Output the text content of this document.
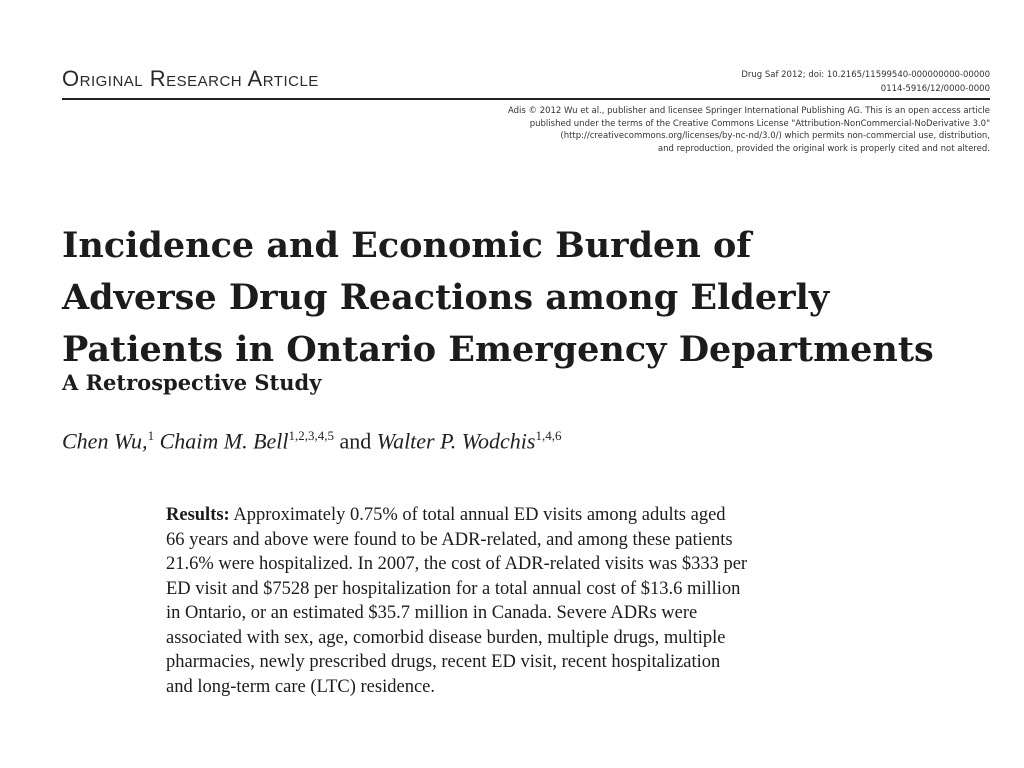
Original Research Article	Drug Saf 2012; doi: 10.2165/11599540-000000000-00000
0114-5916/12/0000-0000
Adis © 2012 Wu et al., publisher and licensee Springer International Publishing AG. This is an open access article
published under the terms of the Creative Commons License "Attribution-NonCommercial-NoDerivative 3.0"
(http://creativecommons.org/licenses/by-nc-nd/3.0/) which permits non-commercial use, distribution,
and reproduction, provided the original work is properly cited and not altered.
Incidence and Economic Burden of
Adverse Drug Reactions among Elderly
Patients in Ontario Emergency Departments
A Retrospective Study
Chen Wu,$^1$ Chaim M. Bell$^{1,2,3,4,5}$ and Walter P. Wodchis$^{1,4,6}$
Results: Approximately 0.75% of total annual ED visits among adults aged
66 years and above were found to be ADR-related, and among these patients
21.6% were hospitalized. In 2007, the cost of ADR-related visits was $333 per
ED visit and $7528 per hospitalization for a total annual cost of $13.6 million
in Ontario, or an estimated $35.7 million in Canada. Severe ADRs were
associated with sex, age, comorbid disease burden, multiple drugs, multiple
pharmacies, newly prescribed drugs, recent ED visit, recent hospitalization
and long-term care (LTC) residence.
